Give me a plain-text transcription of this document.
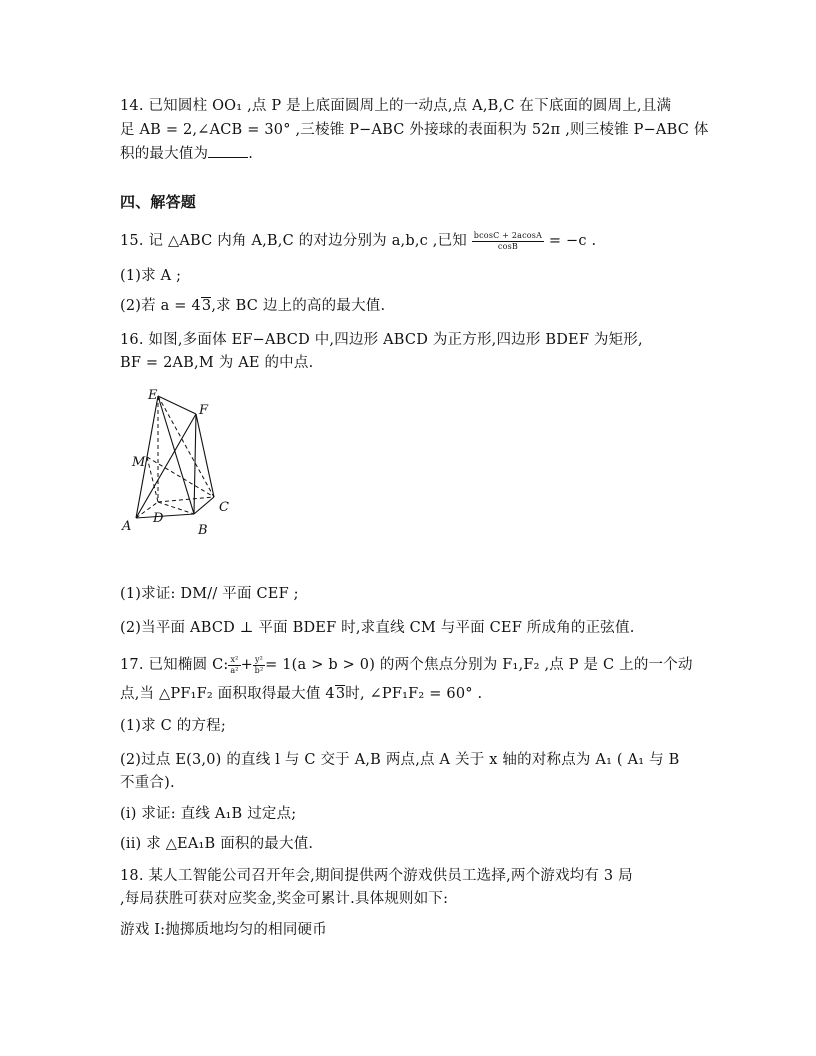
14. 已知圆柱 OO₁ ,点 P 是上底面圆周上的一动点,点 A,B,C 在下底面的圆周上,且满
足 AB = 2,∠ACB = 30° ,三棱锥 P−ABC 外接球的表面积为 52π ,则三棱锥 P−ABC 体
积的最大值为	.
四、解答题
15. 记 △ABC 内角 A,B,C 的对边分别为 a,b,c ,已知 $\frac{bcosC + 2acosA}{\cos B} = -c$ .
(1)求 A ;
(2)若 a = 43,求 BC 边上的高的最大值.
16. 如图,多面体 EF−ABCD 中,四边形 ABCD 为正方形,四边形 BDEF 为矩形,
BF = 2AB,M 为 AE 的中点.
E
F
M
C
D
A	B
(1)求证: DM// 平面 CEF ;
(2)当平面 ABCD ⊥ 平面 BDEF 时,求直线 CM 与平面 CEF 所成角的正弦值.
17. 已知椭圆 C: $\frac{\text{x²}}{\text{a²}} + \frac{\text{y²}}{\text{b²}} = 1(a > b > 0)$ 的两个焦点分别为 F₁,F₂ ,点 P 是 C 上的一个动
点,当 △PF₁F₂ 面积取得最大值 43时, ∠PF₁F₂ = 60° .
(1)求 C 的方程;
(2)过点 E(3,0) 的直线 l 与 C 交于 A,B 两点,点 A 关于 x 轴的对称点为 A₁ ( A₁ 与 B
不重合).
(i) 求证: 直线 A₁B 过定点;
(ii) 求 △EA₁B 面积的最大值.
18. 某人工智能公司召开年会,期间提供两个游戏供员工选择,两个游戏均有 3 局
,每局获胜可获对应奖金,奖金可累计.具体规则如下:
游戏 I:抛掷质地均匀的相同硬币
